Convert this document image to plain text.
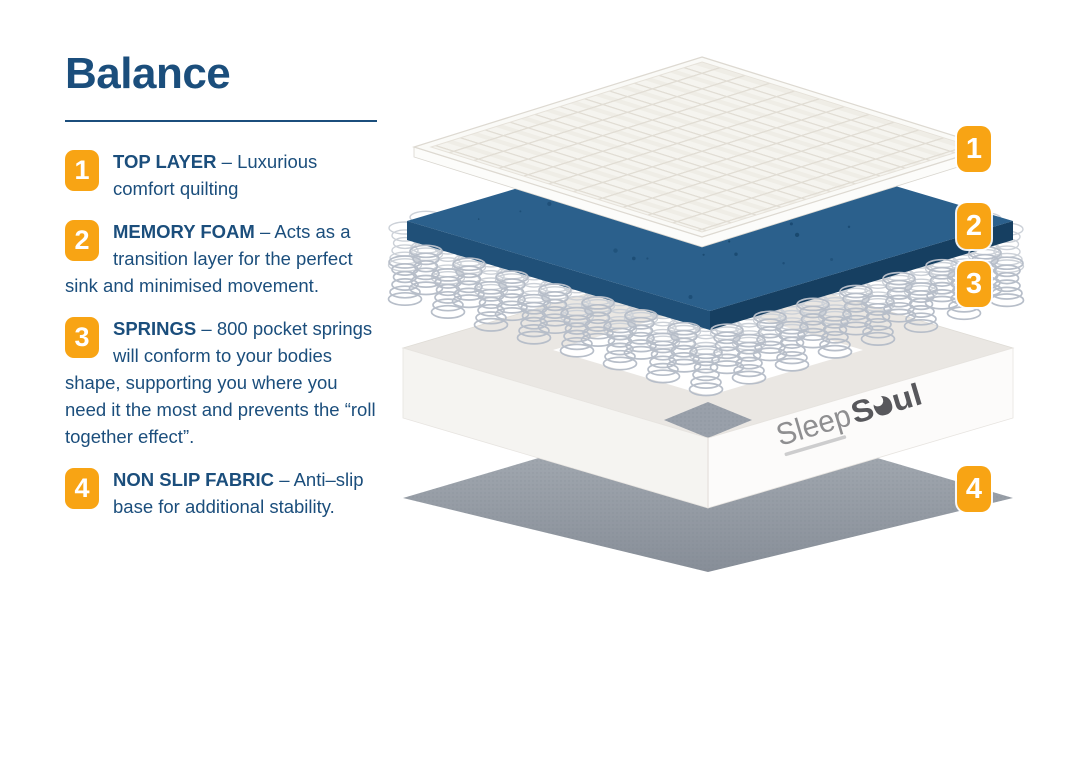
Balance
1	TOP LAYER – Luxurious comfort quilting

2	MEMORY FOAM – Acts as a transition layer for the perfect sink and minimised movement.

3	SPRINGS – 800 pocket springs will conform to your bodies shape, supporting you where you need it the most and prevents the “roll together effect”.

4	NON SLIP FABRIC – Anti–slip base for additional stability.

Sleep
1
2
3
4
